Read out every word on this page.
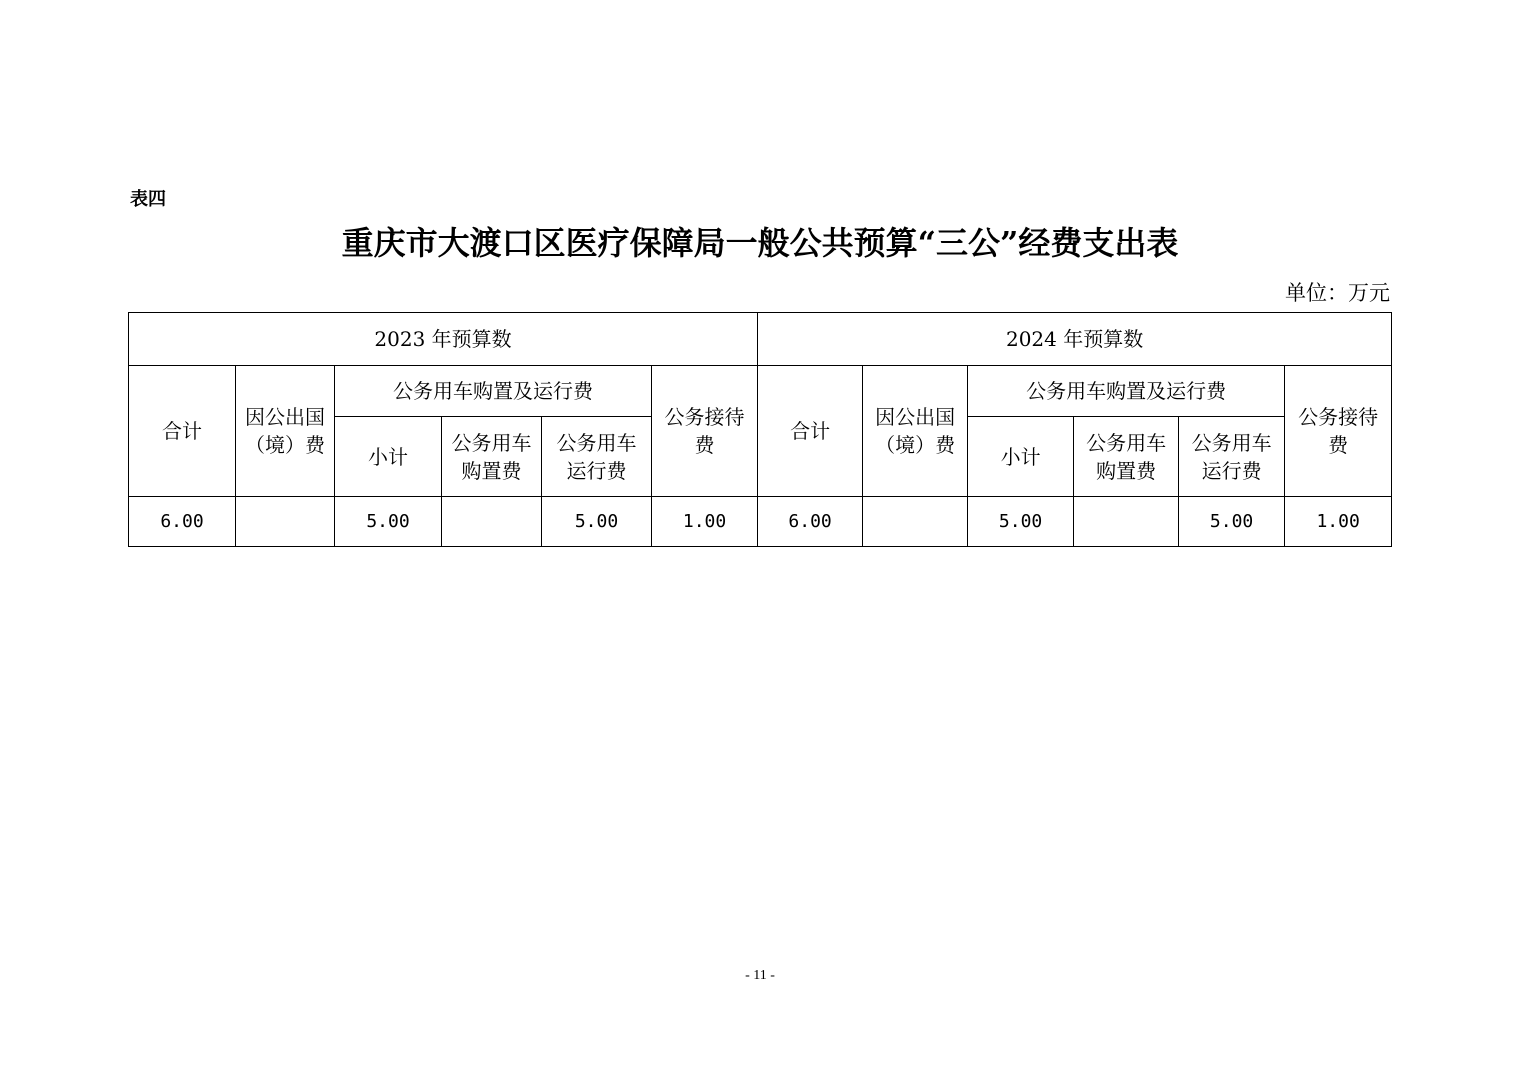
表四
重庆市大渡口区医疗保障局一般公共预算“三公”经费支出表
单位：万元
2023 年预算数						2024 年预算数					
合计	因公出国（境）费	公务用车购置及运行费			公务接待费	合计	因公出国（境）费	公务用车购置及运行费			公务接待费
		小计	公务用车购置费	公务用车运行费				小计	公务用车购置费	公务用车运行费	
6.00		5.00		5.00	1.00	6.00		5.00		5.00	1.00
- 11 -
